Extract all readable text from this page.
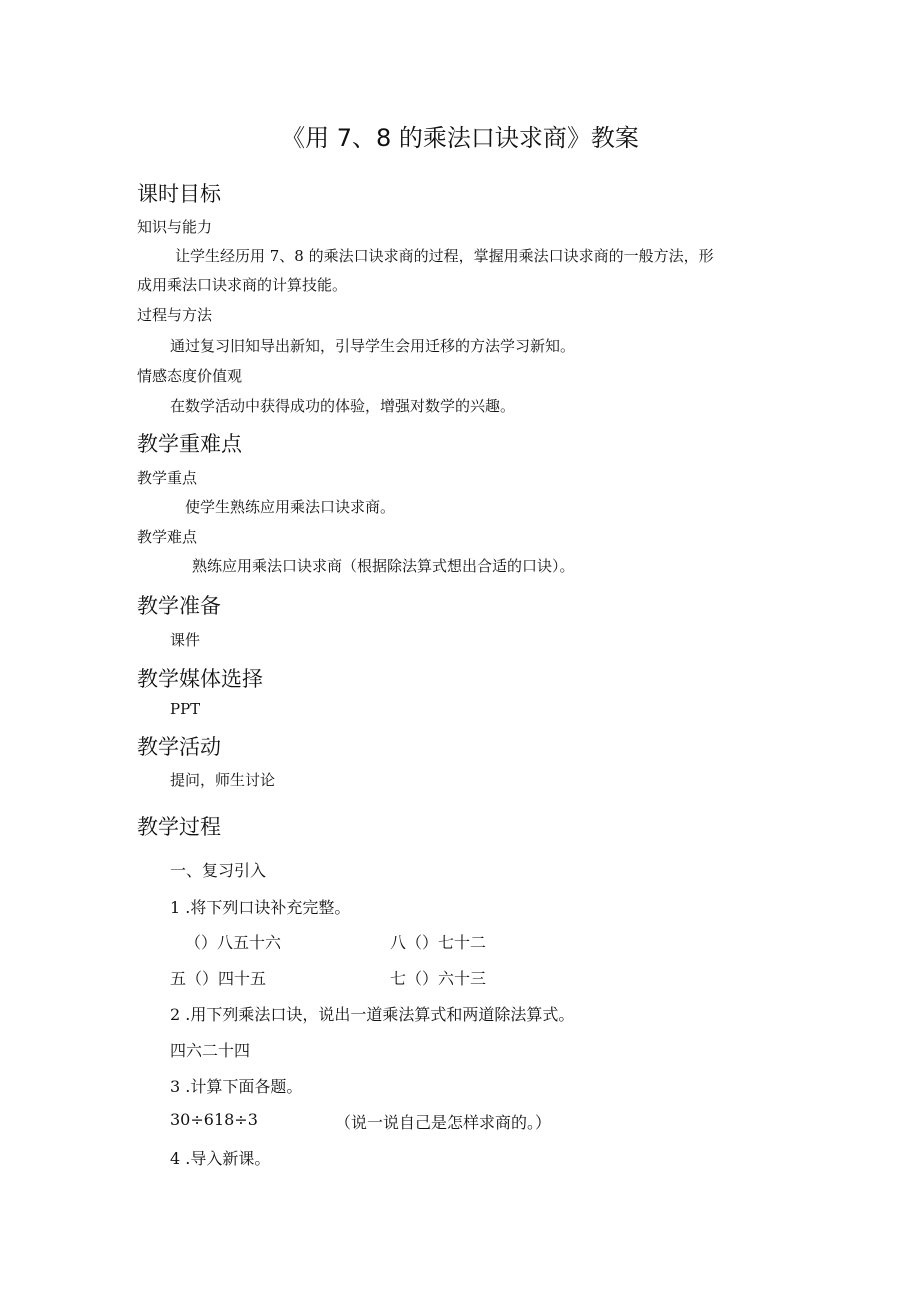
《用 7、8 的乘法口诀求商》教案
课时目标
知识与能力
让学生经历用 7、8 的乘法口诀求商的过程，掌握用乘法口诀求商的一般方法，形
成用乘法口诀求商的计算技能。
过程与方法
通过复习旧知导出新知，引导学生会用迁移的方法学习新知。
情感态度价值观
在数学活动中获得成功的体验，增强对数学的兴趣。
教学重难点
教学重点
使学生熟练应用乘法口诀求商。
教学难点
熟练应用乘法口诀求商（根据除法算式想出合适的口诀）。
教学准备
课件
教学媒体选择
PPT
教学活动
提问，师生讨论
教学过程
一、复习引入
1 .将下列口诀补充完整。
（）八五十六	八（）七十二
五（）四十五	七（）六十三
2 .用下列乘法口诀，说出一道乘法算式和两道除法算式。
四六二十四
3 .计算下面各题。
30÷618÷3	（说一说自己是怎样求商的。）
4 .导入新课。
